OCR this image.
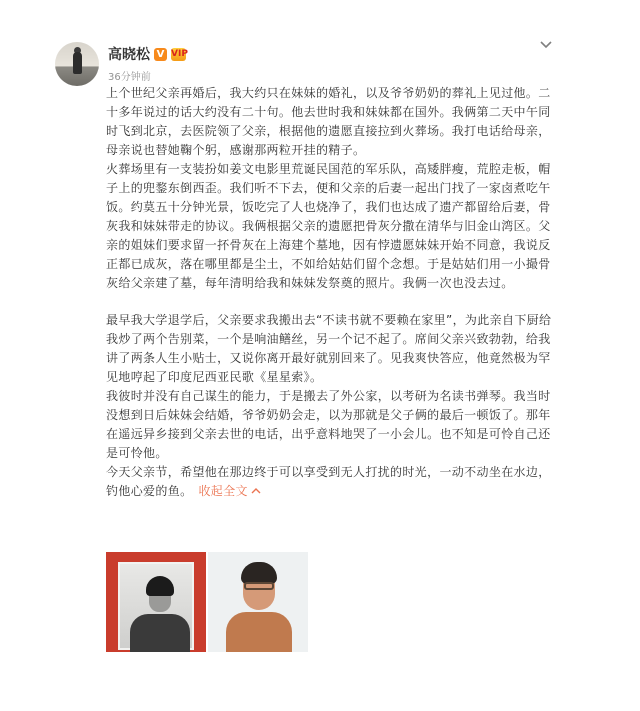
高晓松 V VIP
36分钟前

上个世纪父亲再婚后，我大约只在妹妹的婚礼，以及爷爷奶奶的葬礼上见过他。二十多年说过的话大约没有二十句。他去世时我和妹妹都在国外。我俩第二天中午同时飞到北京，去医院领了父亲，根据他的遗愿直接拉到火葬场。我打电话给母亲，母亲说也替她鞠个躬，感谢那两粒开挂的精子。

火葬场里有一支装扮如姜文电影里荒诞民国范的军乐队，高矮胖瘦，荒腔走板，帽子上的兜鍪东倒西歪。我们听不下去，便和父亲的后妻一起出门找了一家卤煮吃午饭。约莫五十分钟光景，饭吃完了人也烧净了，我们也达成了遗产都留给后妻，骨灰我和妹妹带走的协议。我俩根据父亲的遗愿把骨灰分撒在清华与旧金山湾区。父亲的姐妹们要求留一抔骨灰在上海建个墓地，因有悖遗愿妹妹开始不同意，我说反正都已成灰，落在哪里都是尘土，不如给姑姑们留个念想。于是姑姑们用一小撮骨灰给父亲建了墓，每年清明给我和妹妹发祭奠的照片。我俩一次也没去过。

最早我大学退学后，父亲要求我搬出去“不读书就不要赖在家里”，为此亲自下厨给我炒了两个告别菜，一个是响油鳝丝，另一个记不起了。席间父亲兴致勃勃，给我讲了两条人生小贴士，又说你离开最好就别回来了。见我爽快答应，他竟然极为罕见地哼起了印度尼西亚民歌《星星索》。

我彼时并没有自己谋生的能力，于是搬去了外公家，以考研为名读书弹琴。我当时没想到日后妹妹会结婚，爷爷奶奶会走，以为那就是父子俩的最后一顿饭了。那年在遥远异乡接到父亲去世的电话，出乎意料地哭了一小会儿。也不知是可怜自己还是可怜他。

今天父亲节，希望他在那边终于可以享受到无人打扰的时光，一动不动坐在水边，钓他心爱的鱼。 收起全文
